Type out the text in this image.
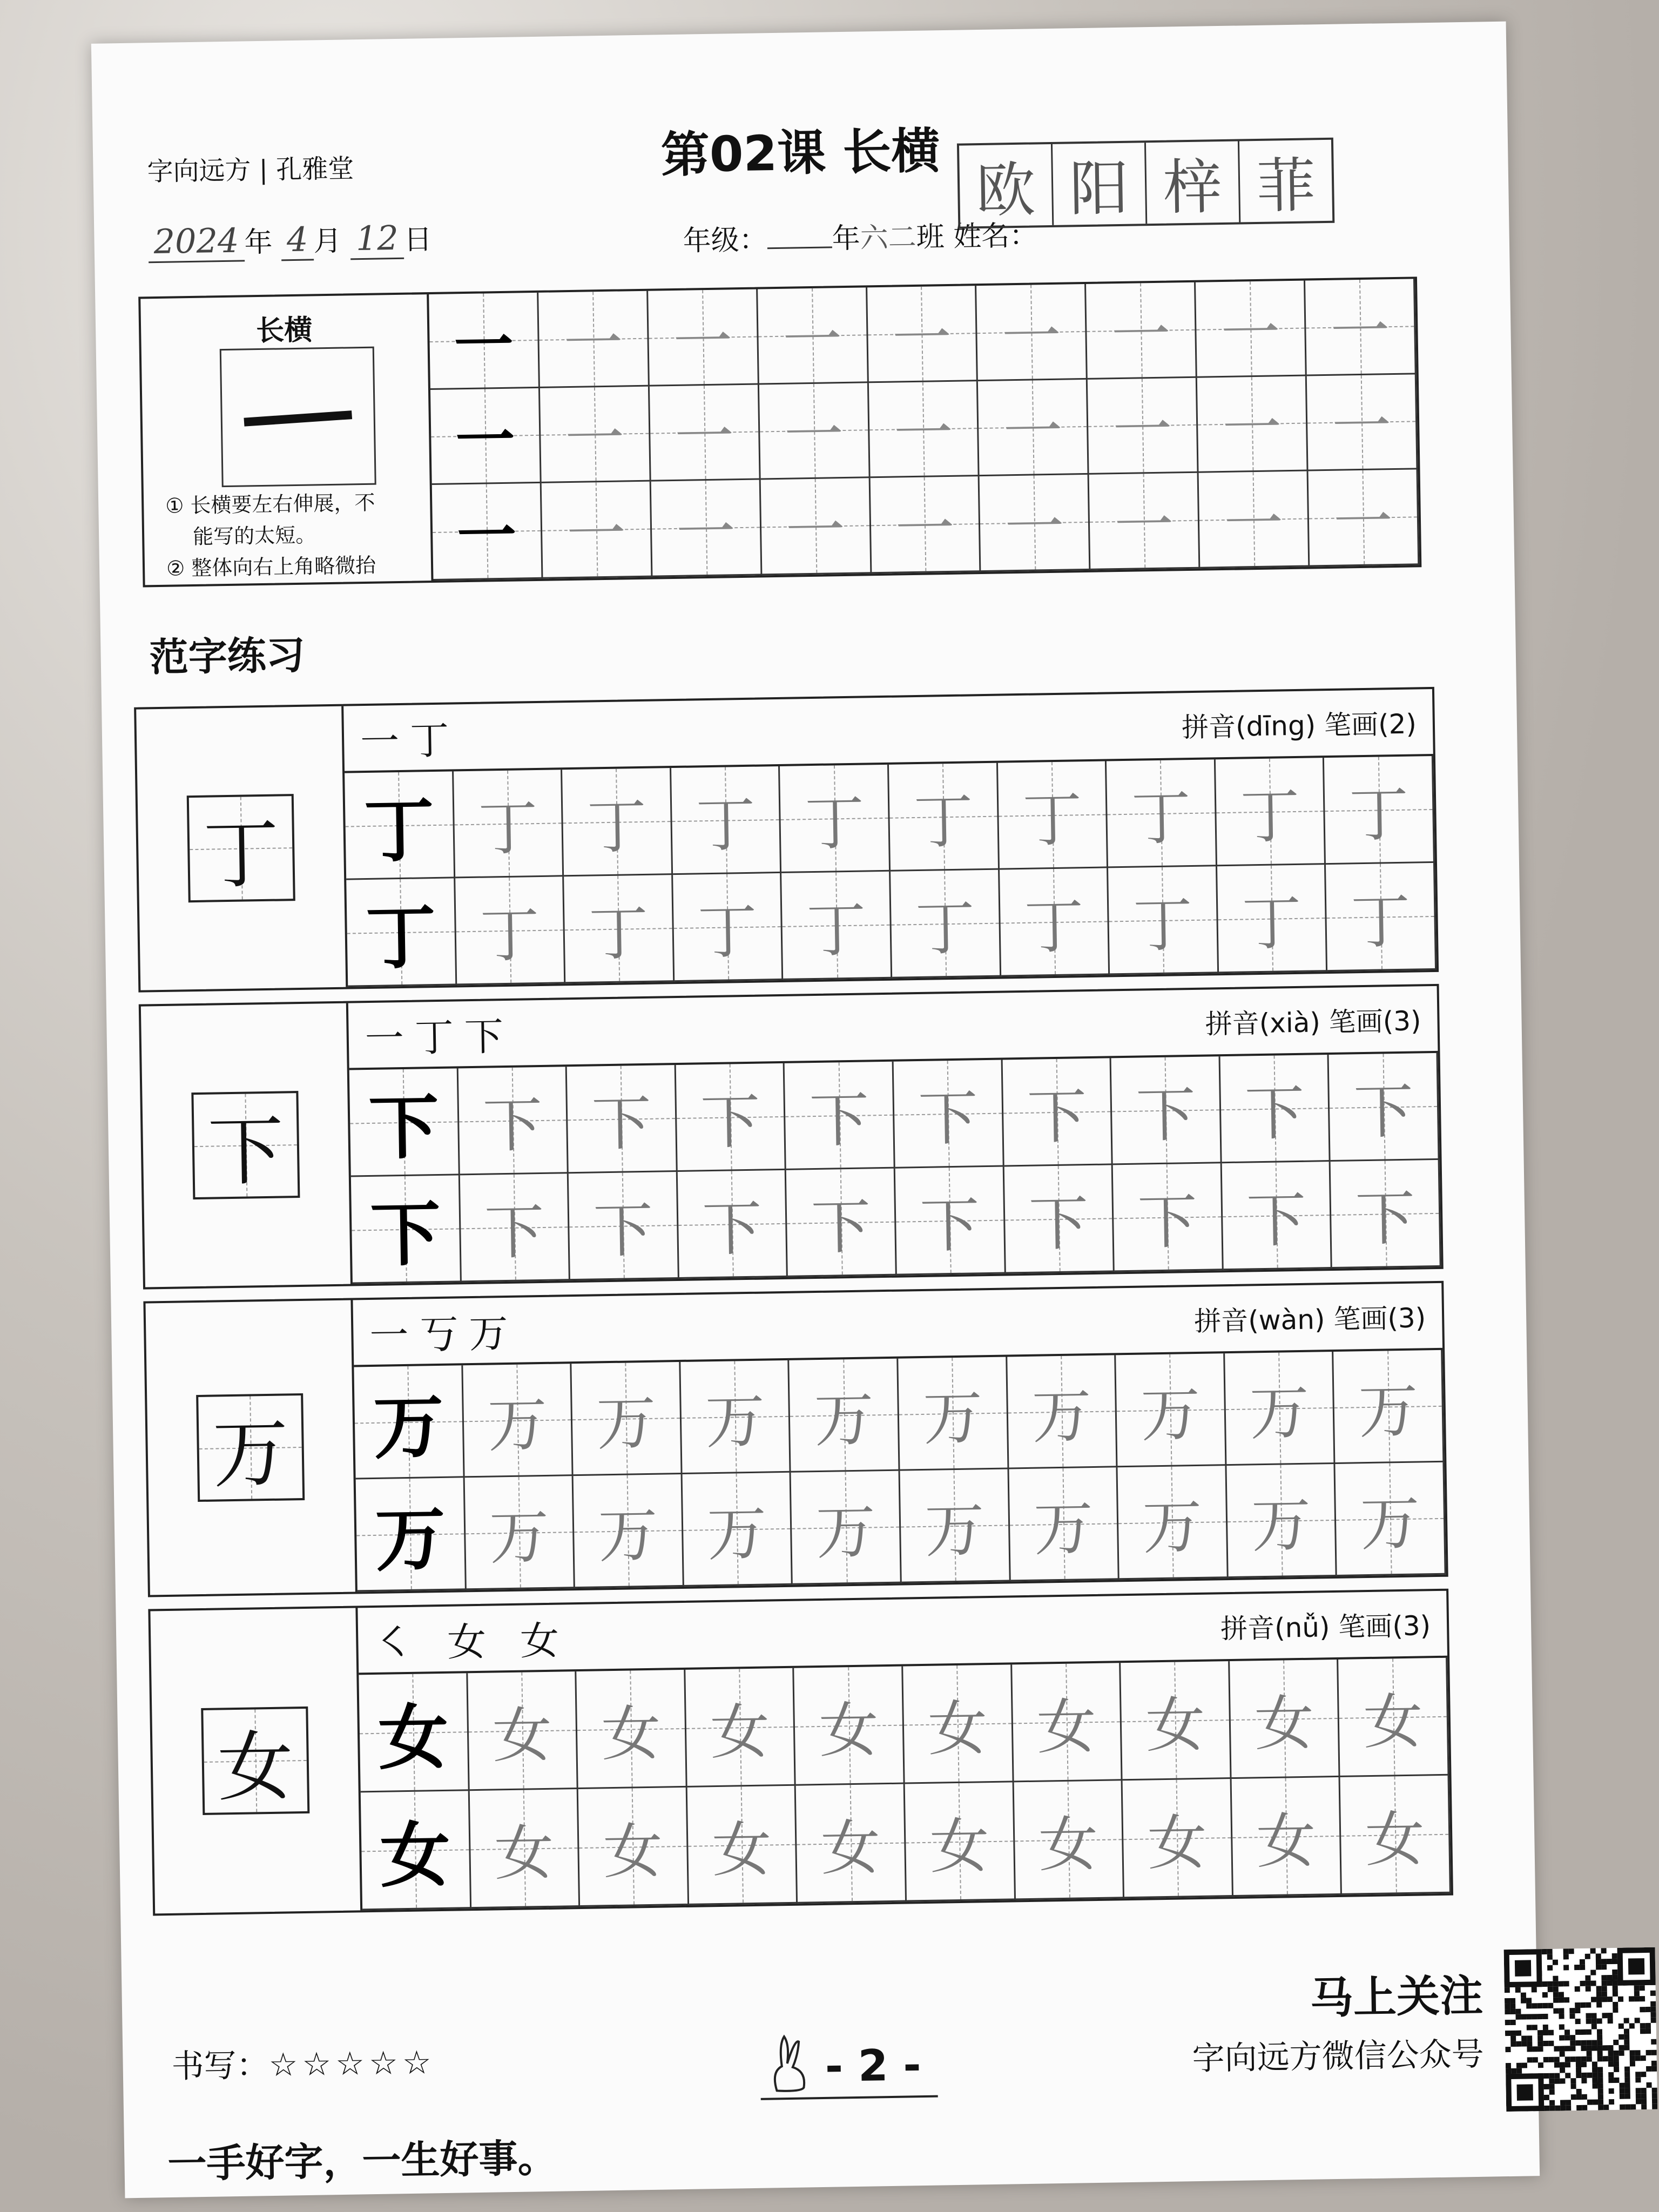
字向远方 | 孔雅堂	第02课 长横
2024 年 4 月 12 日	年级： 年六二班 姓名：
欧 阳 梓 菲
长横
① 长横要左右伸展，不
能写的太短。
② 整体向右上角略微抬
一 一 一 一 一 一 一 一 一
一 一 一 一 一 一 一 一 一
一 一 一 一 一 一 一 一 一
范字练习
丁
一丁	拼音(dīng) 笔画(2)
丁 丁 丁 丁 丁 丁 丁 丁 丁 丁
丁 丁 丁 丁 丁 丁 丁 丁 丁 丁
下
一丁下	拼音(xià) 笔画(3)
下 下 下 下 下 下 下 下 下 下
下 下 下 下 下 下 下 下 下 下
万
一丂万	拼音(wàn) 笔画(3)
万 万 万 万 万 万 万 万 万 万
万 万 万 万 万 万 万 万 万 万
女
㇛ 女 女	拼音(nǚ) 笔画(3)
女 女 女 女 女 女 女 女 女 女
女 女 女 女 女 女 女 女 女 女
书写：☆☆☆☆☆
一手好字，一生好事。
- 2 -
马上关注
字向远方微信公众号
